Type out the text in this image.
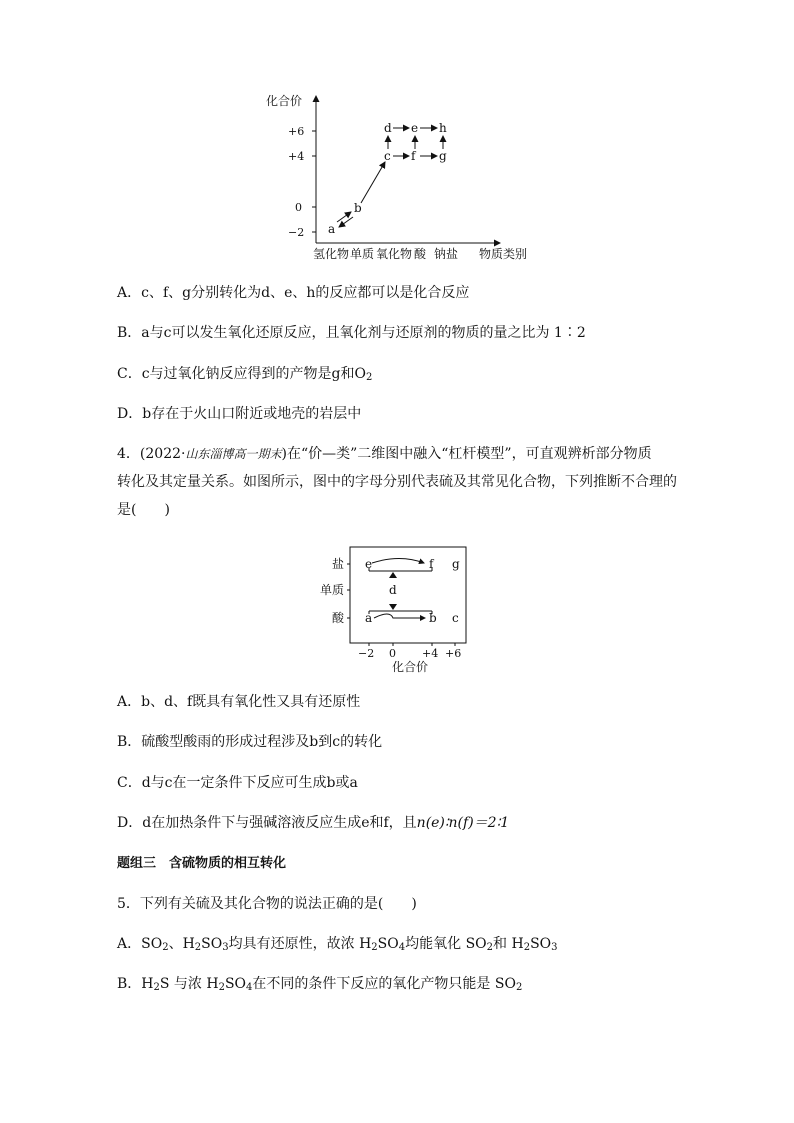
化合价
+6
+4
0
−2
氢化物 单质 氧化物 酸 钠盐 物质类别
a
b
c
d e
f g
h

A．c、f、g分别转化为d、e、h的反应都可以是化合反应

B．a与c可以发生氧化还原反应，且氧化剂与还原剂的物质的量之比为 1∶2

C．c与过氧化钠反应得到的产物是g和$O_2$

D．b存在于火山口附近或地壳的岩层中

4．(2022·山东淄博高一期末)在“价—类”二维图中融入“杠杆模型”，可直观辨析部分物质

转化及其定量关系。如图所示，图中的字母分别代表硫及其常见化合物，下列推断不合理的

是(　　)

盐
单质
酸
−2 0 +4 +6
化合价
e	f g
d
a	b c

A．b、d、f既具有氧化性又具有还原性

B．硫酸型酸雨的形成过程涉及b到c的转化

C．d与c在一定条件下反应可生成b或a

D．d在加热条件下与强碱溶液反应生成e和f，且n(e)∶n(f)＝2∶1

题组三　含硫物质的相互转化

5．下列有关硫及其化合物的说法正确的是(　　)

A．$SO_2$、$H_2SO_3$均具有还原性，故浓 $H_2SO_4$均能氧化 $SO_2$和 $H_2SO_3$

B．$H_2S$ 与浓 $H_2SO_4$在不同的条件下反应的氧化产物只能是 $SO_2$
